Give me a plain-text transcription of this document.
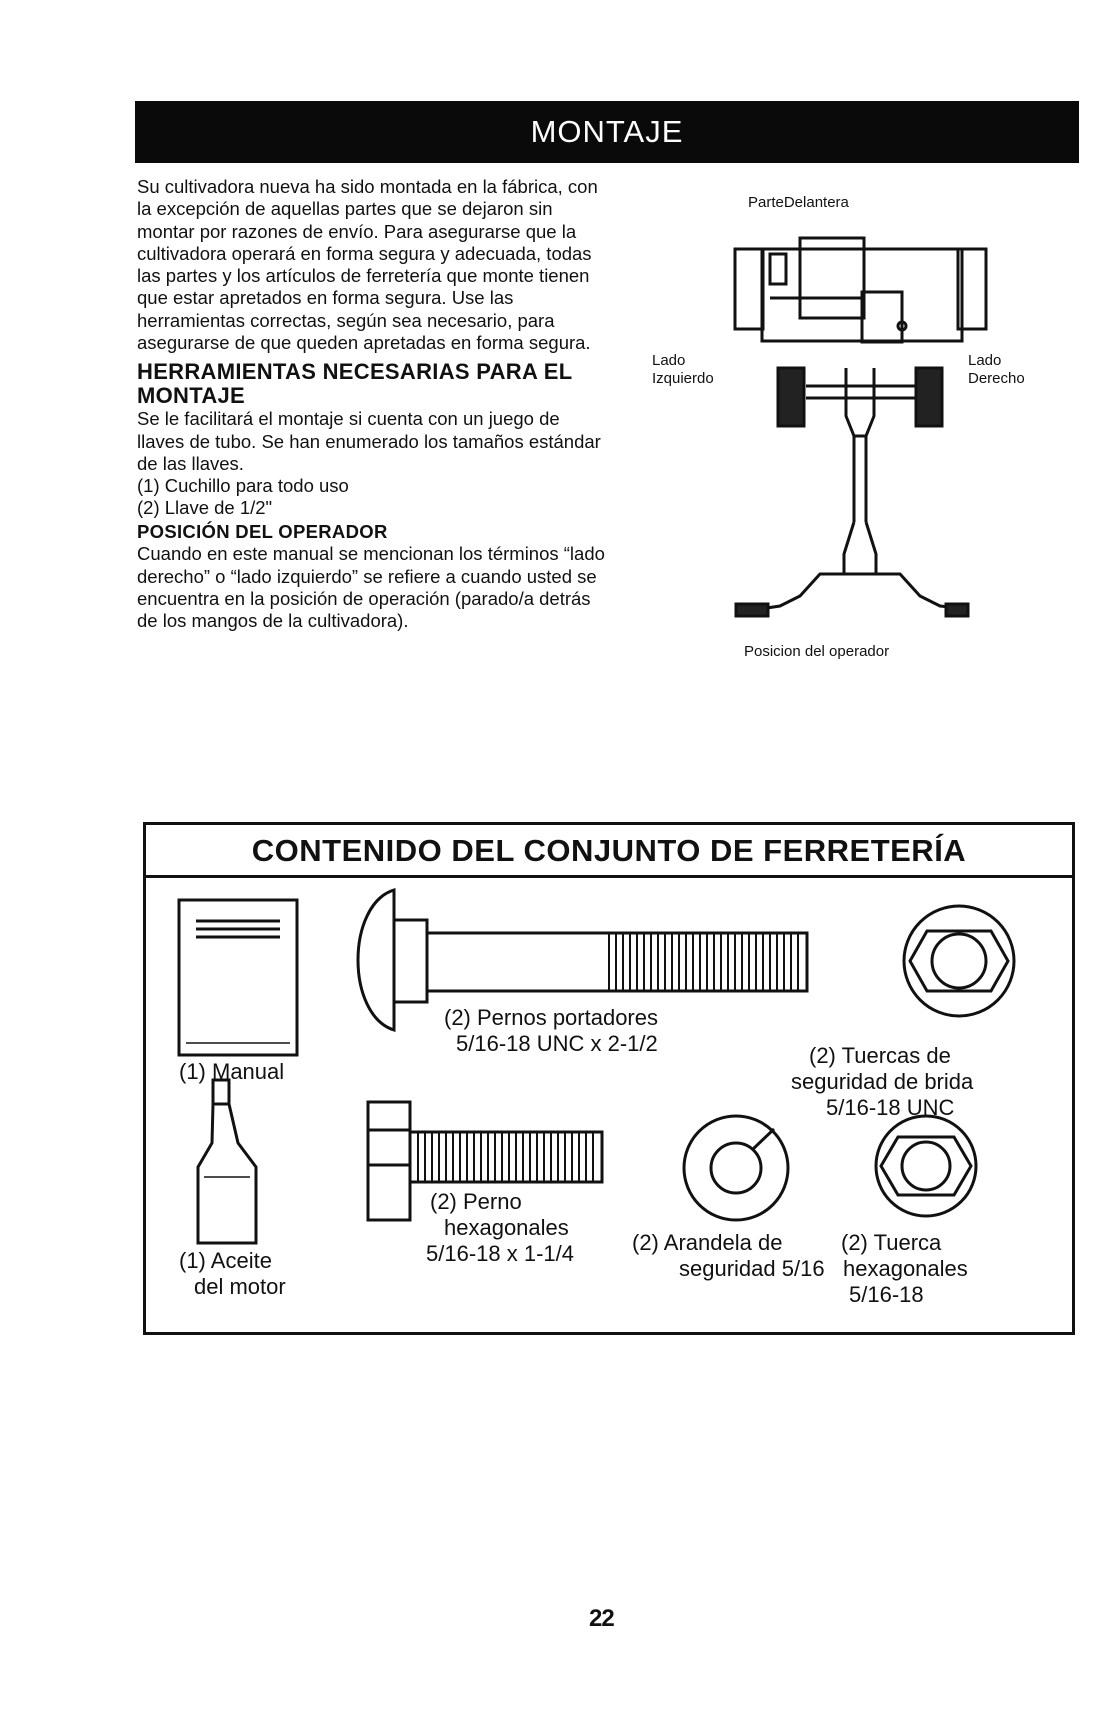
MONTAJE

Su cultivadora nueva ha sido montada en la fábrica, con la excepción de aquellas partes que se dejaron sin montar por razones de envío. Para asegurarse que la cultivadora operará en forma segura y adecuada, todas las partes y los artículos de ferretería que monte tienen que estar apretados en forma segura. Use las herramientas correctas, según sea necesario, para asegurarse de que queden apretadas en forma segura.

HERRAMIENTAS NECESARIAS PARA EL MONTAJE

Se le facilitará el montaje si cuenta con un juego de llaves de tubo. Se han enumerado los tamaños estándar de las llaves.

(1) Cuchillo para todo uso
(2) Llave de 1/2"
POSICIÓN DEL OPERADOR

Cuando en este manual se mencionan los términos “lado derecho” o “lado izquierdo” se refiere a cuando usted se encuentra en la posición de operación (parado/a detrás de los mangos de la cultivadora).

ParteDelantera
Lado
Izquierdo
Lado
Derecho
Posicion del operador
CONTENIDO DEL CONJUNTO DE FERRETERÍA
(1) Manual
(1) Aceite
del motor
(2) Pernos portadores
5/16-18 UNC x 2-1/2	(2) Tuercas de
seguridad de brida
5/16-18 UNC
(2) Perno
hexagonales
5/16-18 x 1-1/4	(2) Arandela de
seguridad 5/16
(2) Tuerca
hexagonales
5/16-18
22
